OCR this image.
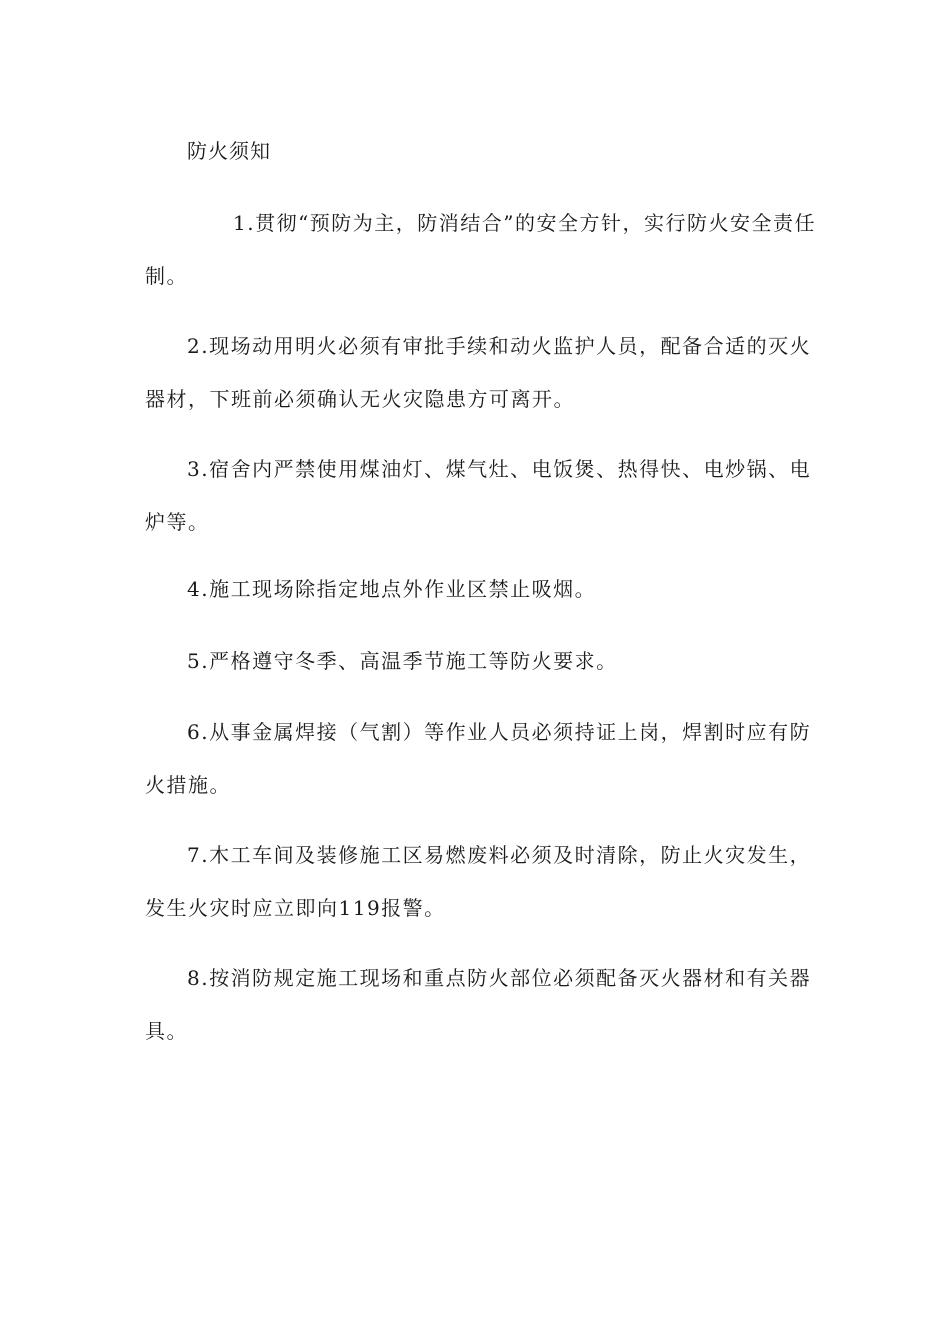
防火须知

1.贯彻“预防为主，防消结合”的安全方针，实行防火安全责任制。

2.现场动用明火必须有审批手续和动火监护人员，配备合适的灭火器材，下班前必须确认无火灾隐患方可离开。

3.宿舍内严禁使用煤油灯、煤气灶、电饭煲、热得快、电炒锅、电炉等。

4.施工现场除指定地点外作业区禁止吸烟。

5.严格遵守冬季、高温季节施工等防火要求。

6.从事金属焊接（气割）等作业人员必须持证上岗，焊割时应有防火措施。

7.木工车间及装修施工区易燃废料必须及时清除，防止火灾发生，发生火灾时应立即向119报警。

8.按消防规定施工现场和重点防火部位必须配备灭火器材和有关器具。
